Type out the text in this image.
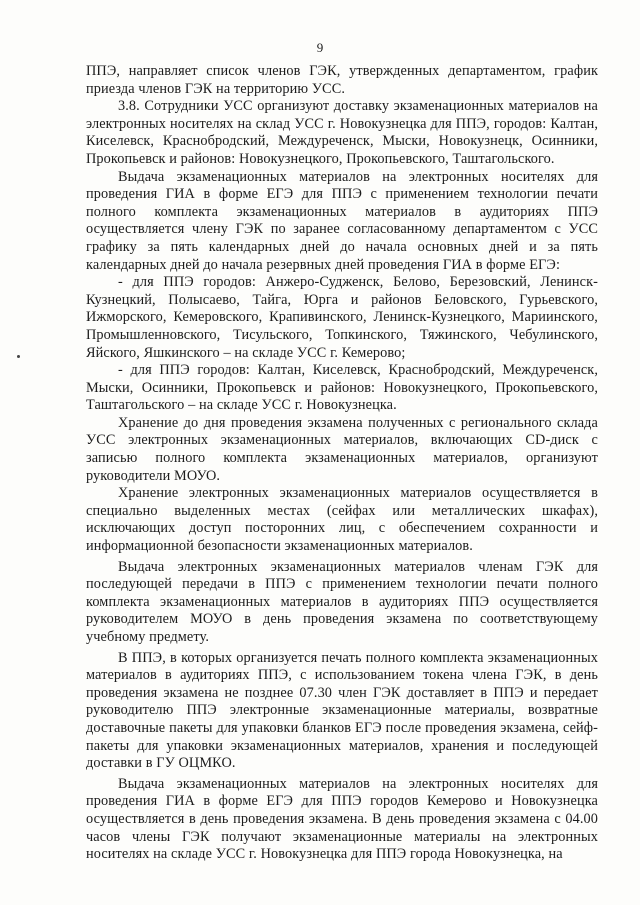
9

ППЭ, направляет список членов ГЭК, утвержденных департаментом, график приезда членов ГЭК на территорию УСС.

3.8. Сотрудники УСС организуют доставку экзаменационных материалов на электронных носителях на склад УСС г. Новокузнецка для ППЭ, городов: Калтан, Киселевск, Краснобродский, Междуреченск, Мыски, Новокузнецк, Осинники, Прокопьевск и районов: Новокузнецкого, Прокопьевского, Таштагольского.

Выдача экзаменационных материалов на электронных носителях для проведения ГИА в форме ЕГЭ для ППЭ с применением технологии печати полного комплекта экзаменационных материалов в аудиториях ППЭ осуществляется члену ГЭК по заранее согласованному департаментом с УСС графику за пять календарных дней до начала основных дней и за пять календарных дней до начала резервных дней проведения ГИА в форме ЕГЭ:

- для ППЭ городов: Анжеро-Судженск, Белово, Березовский, Ленинск-Кузнецкий, Полысаево, Тайга, Юрга и районов Беловского, Гурьевского, Ижморского, Кемеровского, Крапивинского, Ленинск-Кузнецкого, Мариинского, Промышленновского, Тисульского, Топкинского, Тяжинского, Чебулинского, Яйского, Яшкинского – на складе УСС г. Кемерово;

- для ППЭ городов: Калтан, Киселевск, Краснобродский, Междуреченск, Мыски, Осинники, Прокопьевск и районов: Новокузнецкого, Прокопьевского, Таштагольского – на складе УСС г. Новокузнецка.

Хранение до дня проведения экзамена полученных с регионального склада УСС электронных экзаменационных материалов, включающих CD-диск с записью полного комплекта экзаменационных материалов, организуют руководители МОУО.

Хранение электронных экзаменационных материалов осуществляется в специально выделенных местах (сейфах или металлических шкафах), исключающих доступ посторонних лиц, с обеспечением сохранности и информационной безопасности экзаменационных материалов.

Выдача электронных экзаменационных материалов членам ГЭК для последующей передачи в ППЭ с применением технологии печати полного комплекта экзаменационных материалов в аудиториях ППЭ осуществляется руководителем МОУО в день проведения экзамена по соответствующему учебному предмету.

В ППЭ, в которых организуется печать полного комплекта экзаменационных материалов в аудиториях ППЭ, с использованием токена члена ГЭК, в день проведения экзамена не позднее 07.30 член ГЭК доставляет в ППЭ и передает руководителю ППЭ электронные экзаменационные материалы, возвратные доставочные пакеты для упаковки бланков ЕГЭ после проведения экзамена, сейф-пакеты для упаковки экзаменационных материалов, хранения и последующей доставки в ГУ ОЦМКО.

Выдача экзаменационных материалов на электронных носителях для проведения ГИА в форме ЕГЭ для ППЭ городов Кемерово и Новокузнецка осуществляется в день проведения экзамена. В день проведения экзамена с 04.00 часов члены ГЭК получают экзаменационные материалы на электронных носителях на складе УСС г. Новокузнецка для ППЭ города Новокузнецка, на
